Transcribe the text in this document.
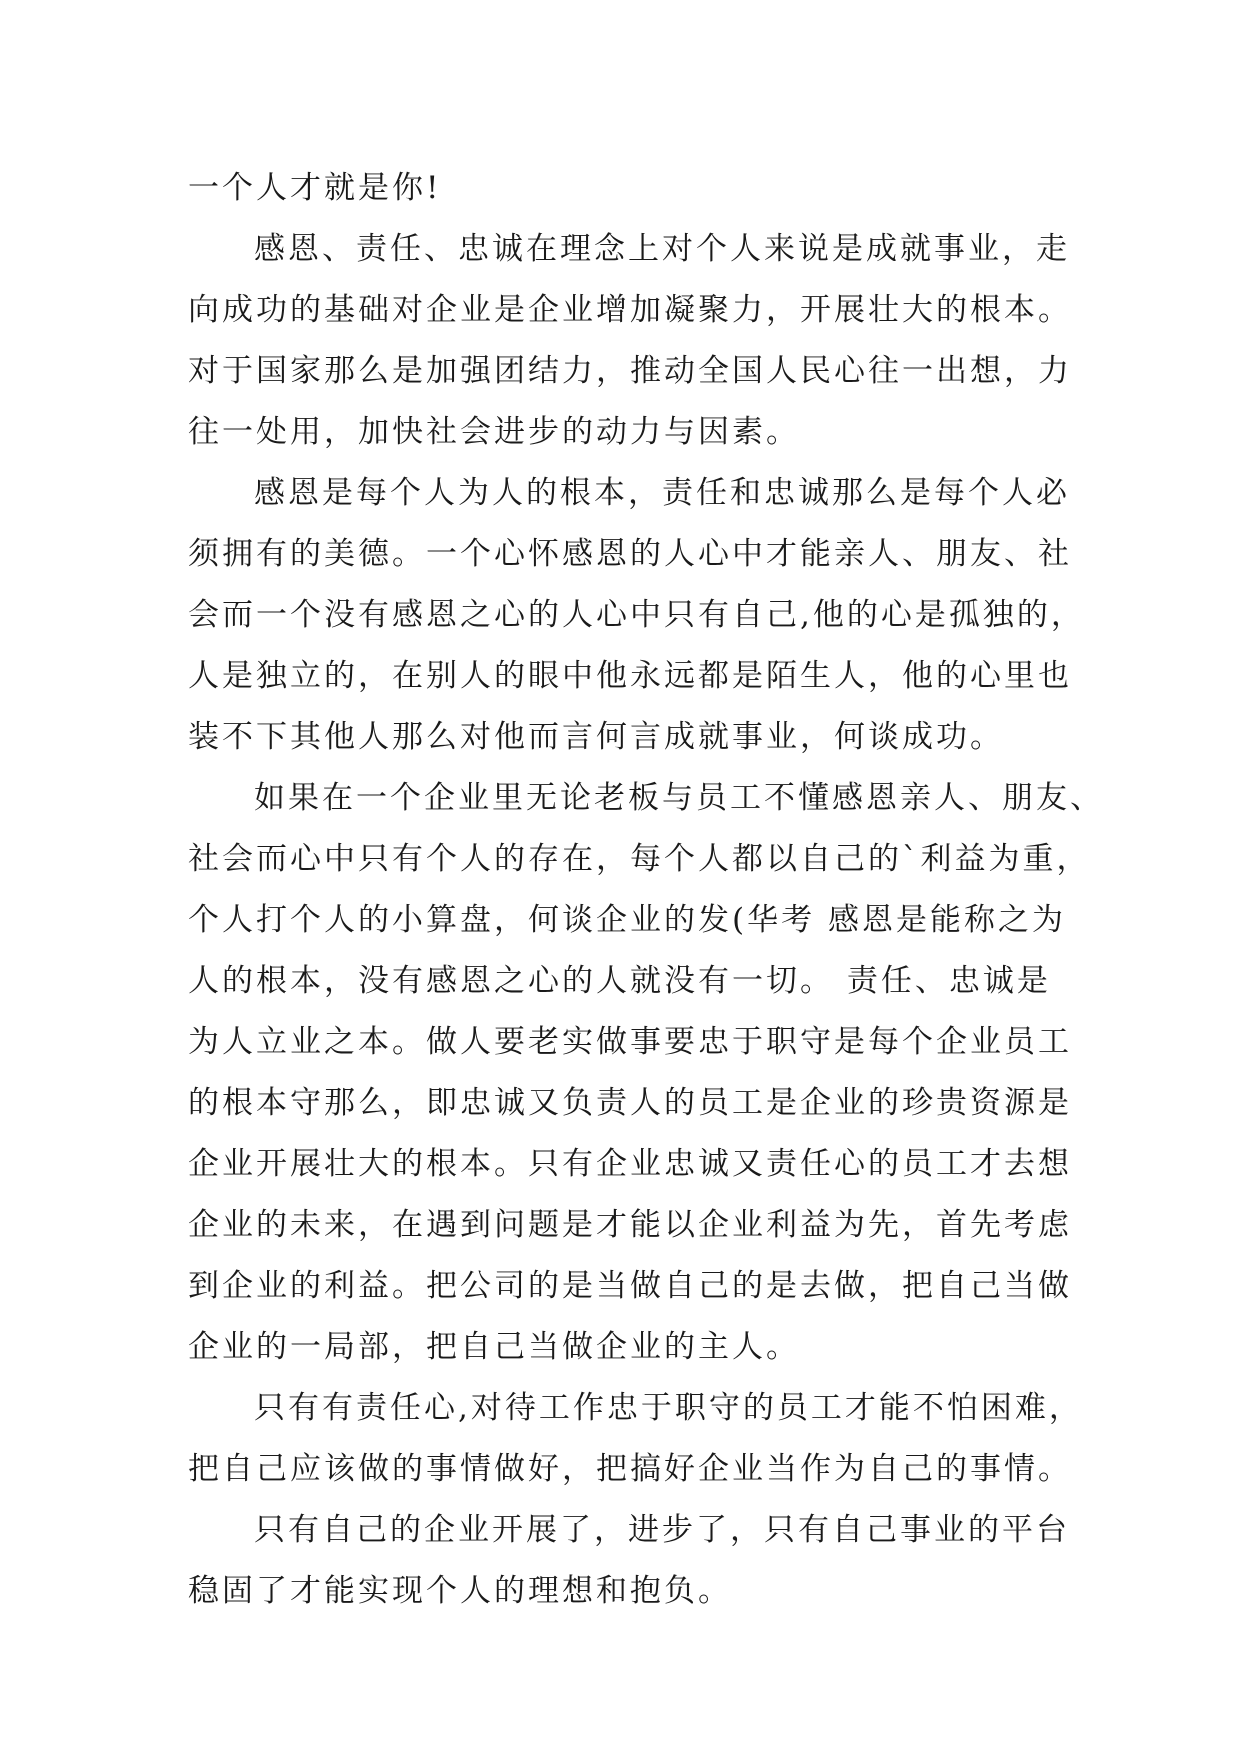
一个人才就是你!
感恩、责任、忠诚在理念上对个人来说是成就事业，走
向成功的基础对企业是企业增加凝聚力，开展壮大的根本。
对于国家那么是加强团结力，推动全国人民心往一出想，力
往一处用，加快社会进步的动力与因素。
感恩是每个人为人的根本，责任和忠诚那么是每个人必
须拥有的美德。一个心怀感恩的人心中才能亲人、朋友、社
会而一个没有感恩之心的人心中只有自己,他的心是孤独的，
人是独立的，在别人的眼中他永远都是陌生人，他的心里也
装不下其他人那么对他而言何言成就事业，何谈成功。
如果在一个企业里无论老板与员工不懂感恩亲人、朋友、
社会而心中只有个人的存在，每个人都以自己的`利益为重，
个人打个人的小算盘，何谈企业的发(华考 感恩是能称之为
人的根本，没有感恩之心的人就没有一切。 责任、忠诚是
为人立业之本。做人要老实做事要忠于职守是每个企业员工
的根本守那么，即忠诚又负责人的员工是企业的珍贵资源是
企业开展壮大的根本。只有企业忠诚又责任心的员工才去想
企业的未来，在遇到问题是才能以企业利益为先，首先考虑
到企业的利益。把公司的是当做自己的是去做，把自己当做
企业的一局部，把自己当做企业的主人。
只有有责任心,对待工作忠于职守的员工才能不怕困难，
把自己应该做的事情做好，把搞好企业当作为自己的事情。
只有自己的企业开展了，进步了，只有自己事业的平台
稳固了才能实现个人的理想和抱负。
